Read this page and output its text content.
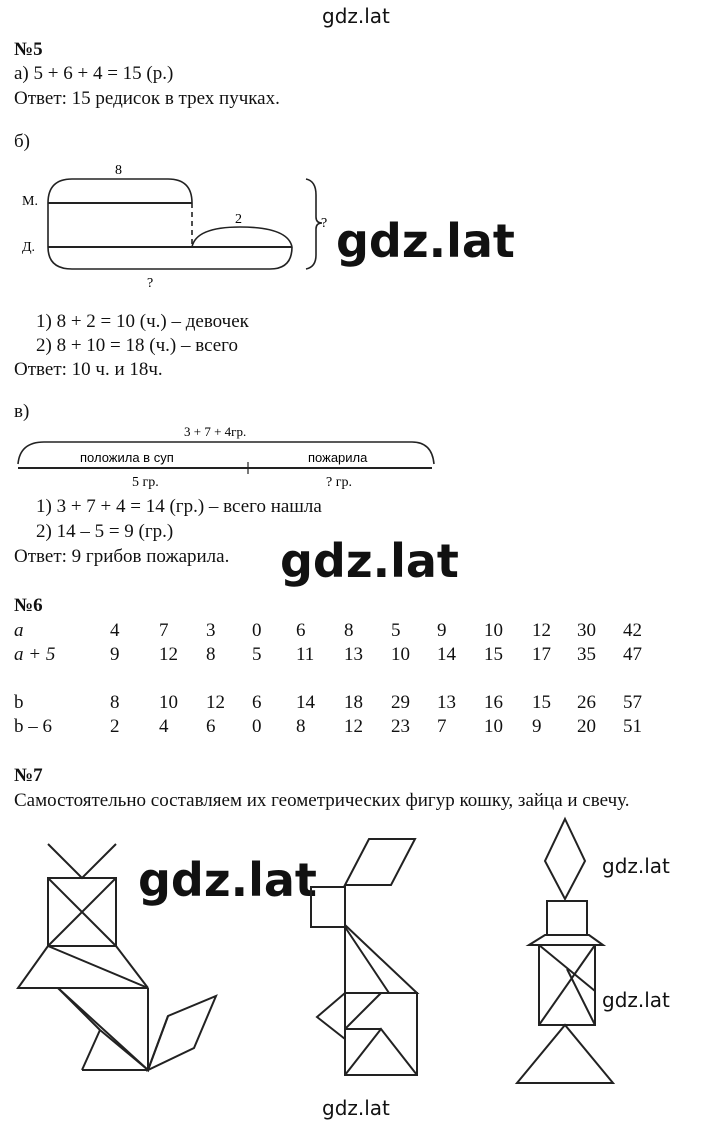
gdz.lat
gdz.lat
gdz.lat
gdz.lat	gdz.lat
gdz.lat
gdz.lat
№5
а) 5 + 6 + 4 = 15 (р.)
Ответ: 15 редисок в трех пучках.
б)
8
М.
Д.
2
?
?
1) 8 + 2 = 10 (ч.) – девочек
2) 8 + 10 = 18 (ч.) – всего
Ответ: 10 ч. и 18ч.
в)
3 + 7 + 4гр.
положила в суп	пожарила
5 гр.	? гр.
1) 3 + 7 + 4 = 14 (гр.) – всего нашла
2) 14 – 5 = 9 (гр.)
Ответ: 9 грибов пожарила.
№6
a	4	7	3	0	6	8	5	9	10	12	30	42
a + 5	9	12	8	5	11	13	10	14	15	17	35	47

b	8	10	12	6	14	18	29	13	16	15	26	57
b – 6	2	4	6	0	8	12	23	7	10	9	20	51
№7
Самостоятельно составляем их геометрических фигур кошку, зайца и свечу.
